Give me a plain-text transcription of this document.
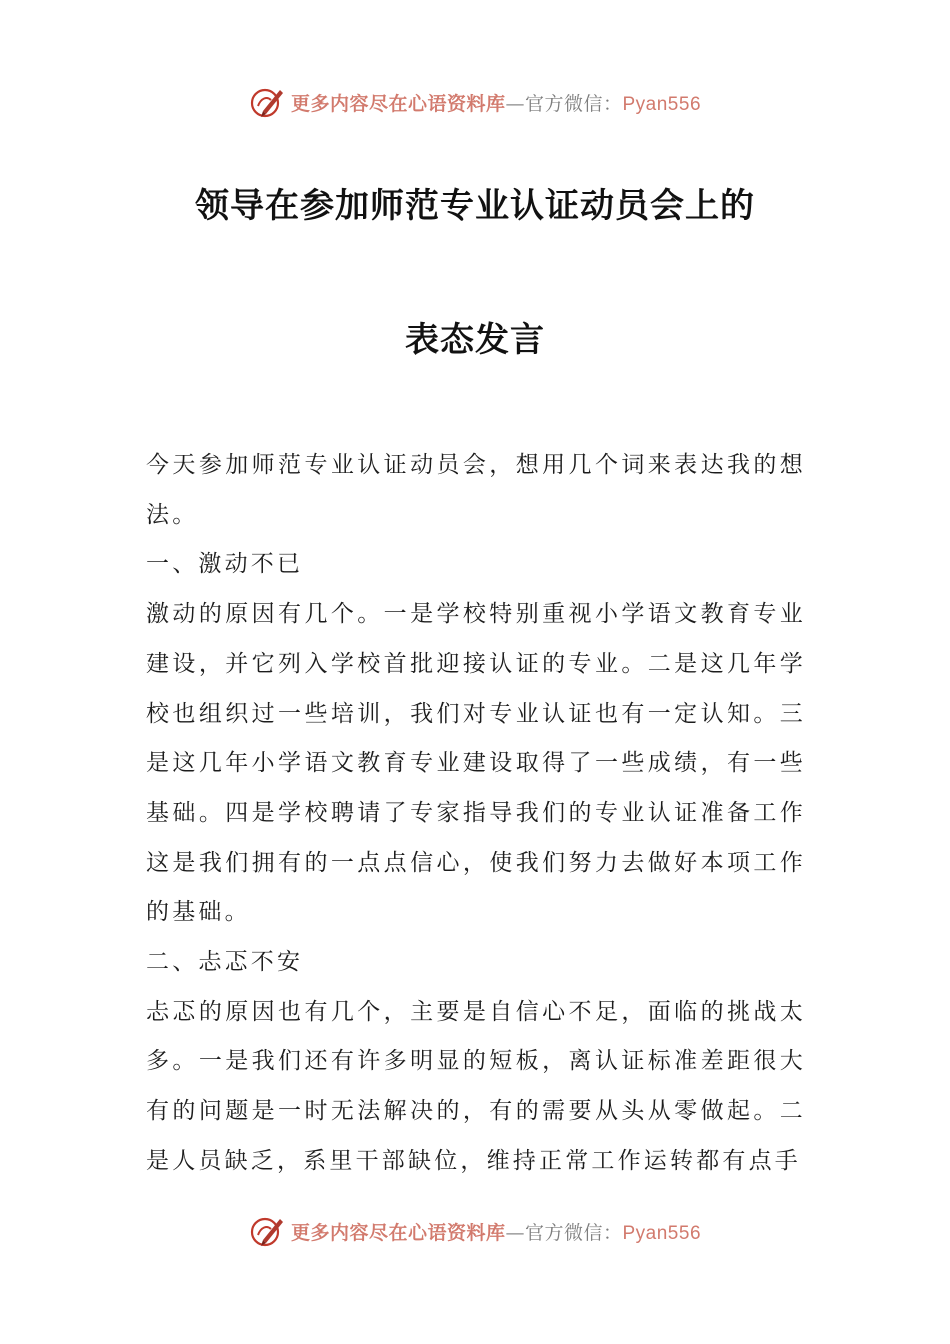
更多内容尽在心语资料库—官方微信：Pyan556
领导在参加师范专业认证动员会上的
表态发言

今天参加师范专业认证动员会，想用几个词来表达我的想法。

一、激动不已

激动的原因有几个。一是学校特别重视小学语文教育专业建设，并它列入学校首批迎接认证的专业。二是这几年学校也组织过一些培训，我们对专业认证也有一定认知。三是这几年小学语文教育专业建设取得了一些成绩，有一些基础。四是学校聘请了专家指导我们的专业认证准备工作这是我们拥有的一点点信心，使我们努力去做好本项工作的基础。

二、忐忑不安

忐忑的原因也有几个，主要是自信心不足，面临的挑战太多。一是我们还有许多明显的短板，离认证标准差距很大有的问题是一时无法解决的，有的需要从头从零做起。二是人员缺乏，系里干部缺位，维持正常工作运转都有点手

更多内容尽在心语资料库—官方微信：Pyan556
